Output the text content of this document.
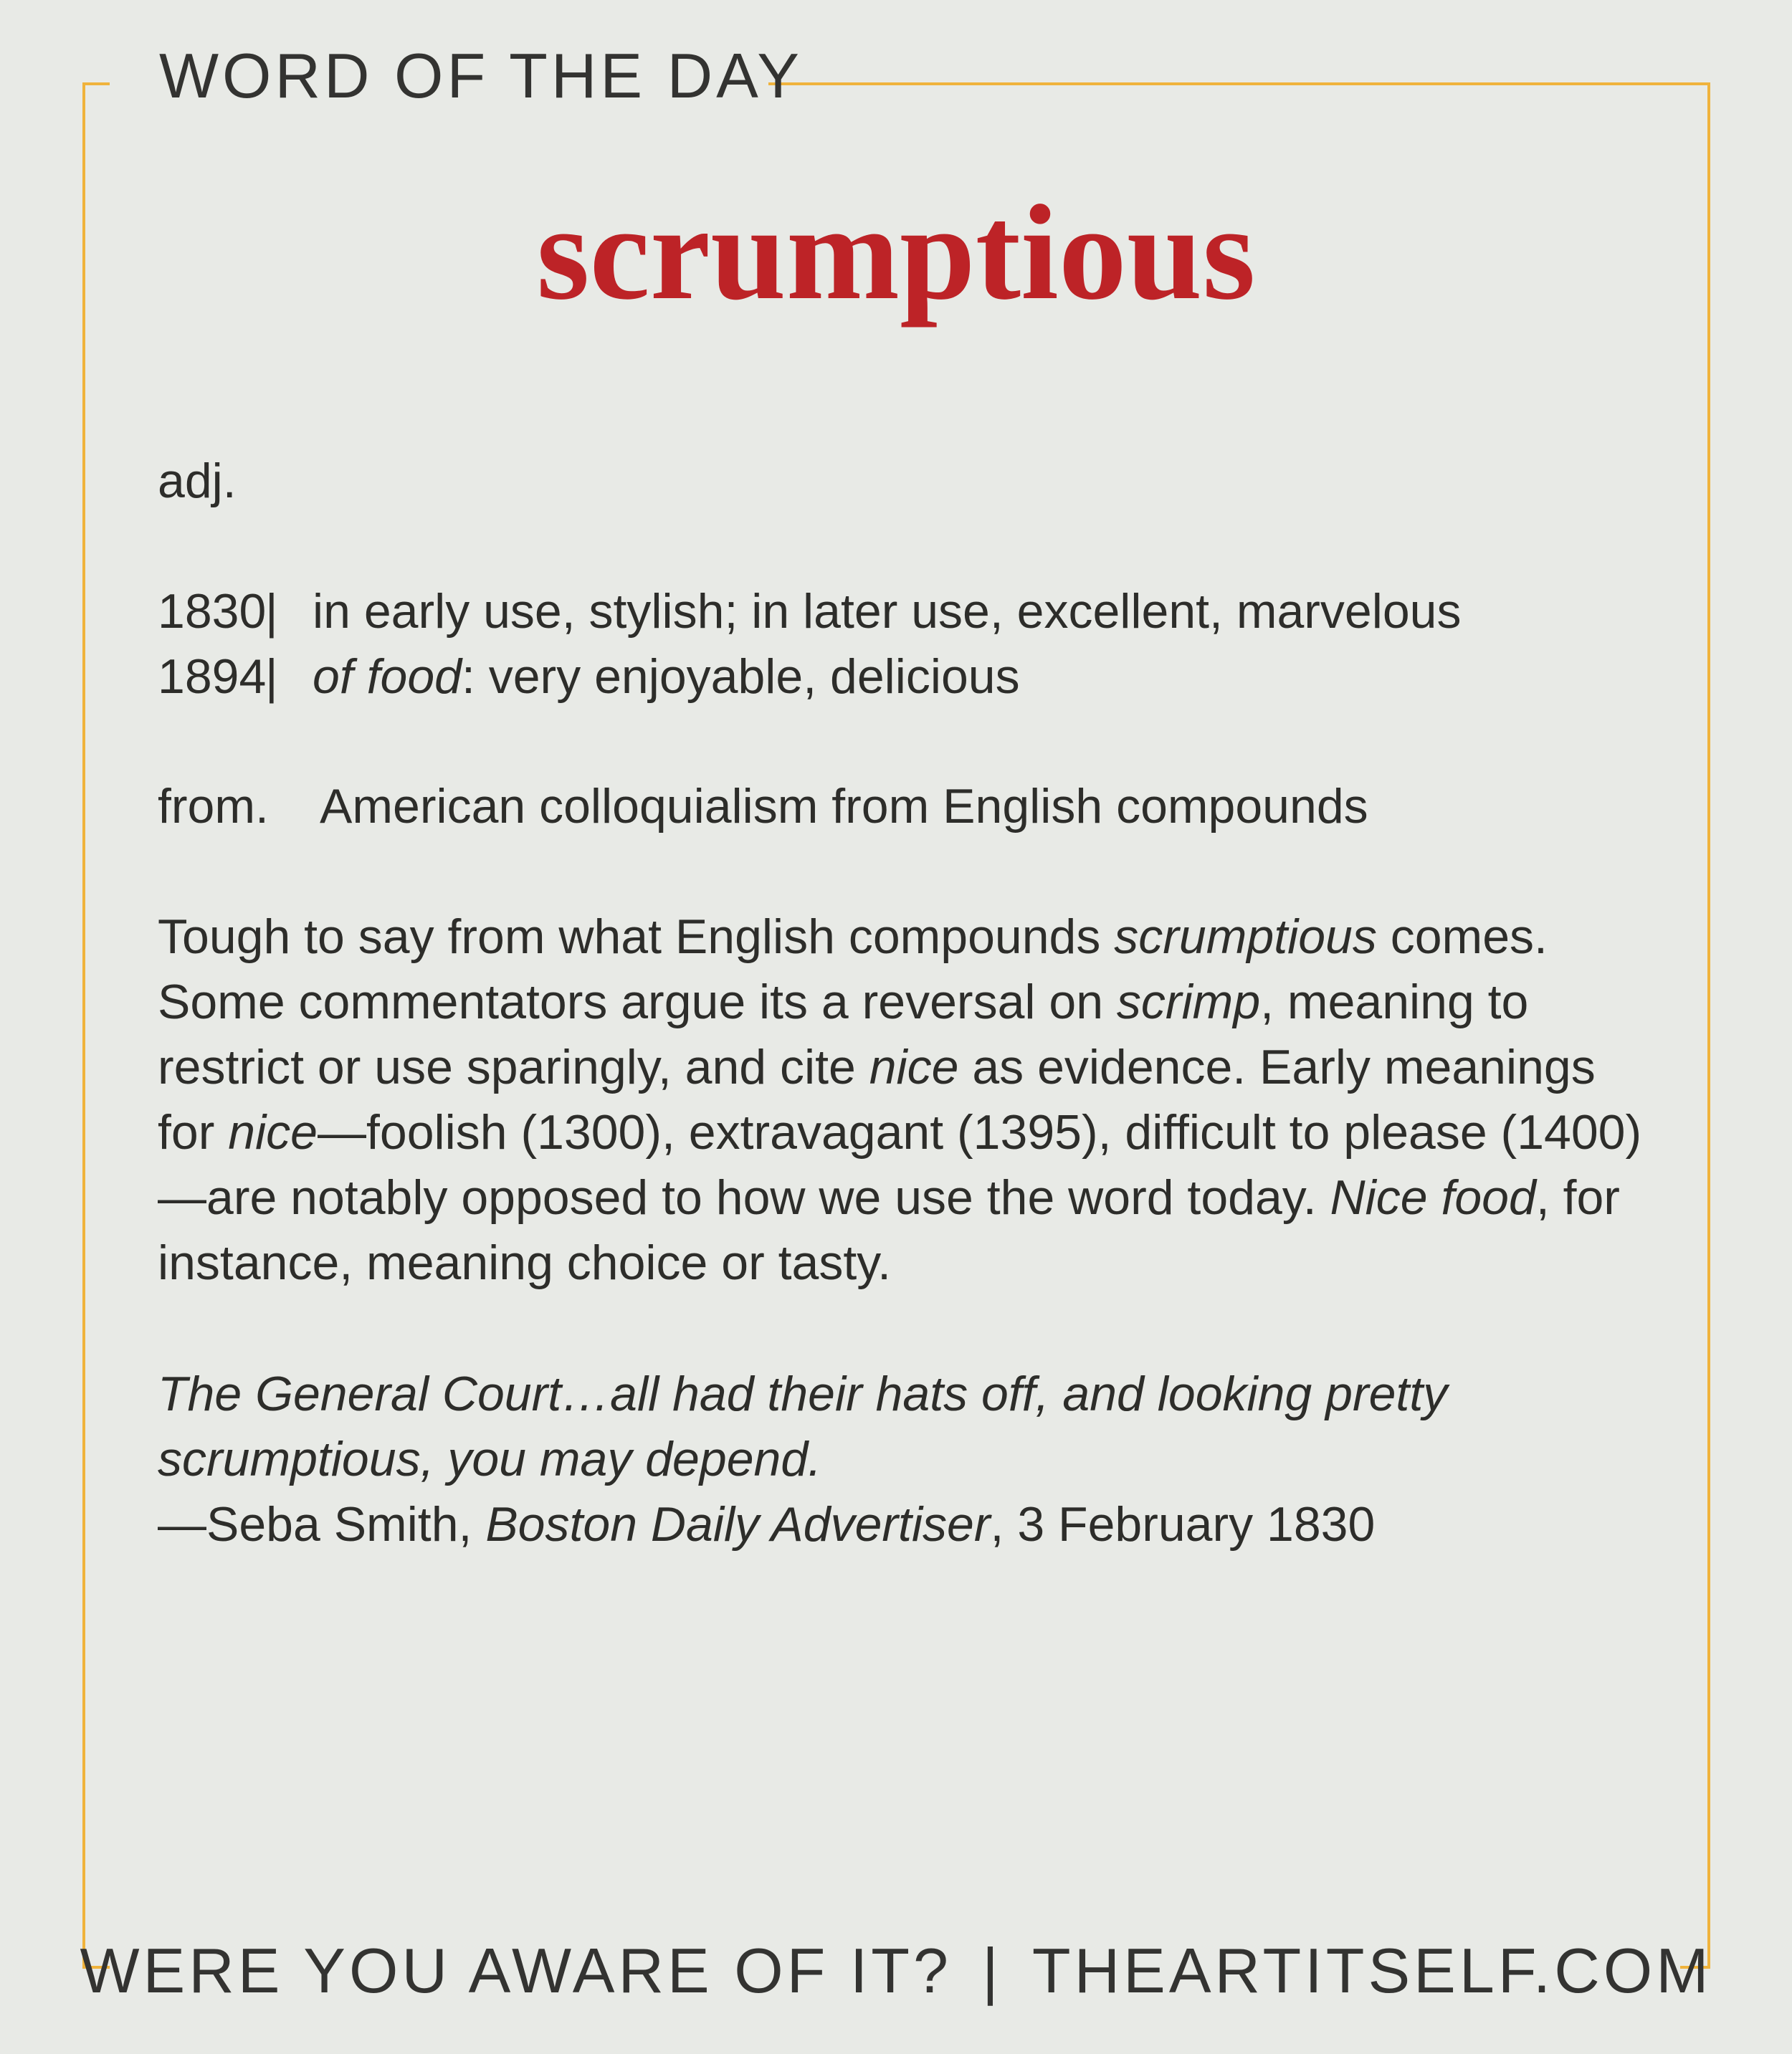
WORD OF THE DAY
scrumptious
adj.
1830| in early use, stylish; in later use, excellent, marvelous
1894| of food: very enjoyable, delicious
from. American colloquialism from English compounds
Tough to say from what English compounds scrumptious comes. Some commentators argue its a reversal on scrimp, meaning to restrict or use sparingly, and cite nice as evidence. Early meanings for nice—foolish (1300), extravagant (1395), difficult to please (1400)—are notably opposed to how we use the word today. Nice food, for instance, meaning choice or tasty.
The General Court…all had their hats off, and looking pretty scrumptious, you may depend.
—Seba Smith, Boston Daily Advertiser, 3 February 1830
WERE YOU AWARE OF IT? | THEARTITSELF.COM
